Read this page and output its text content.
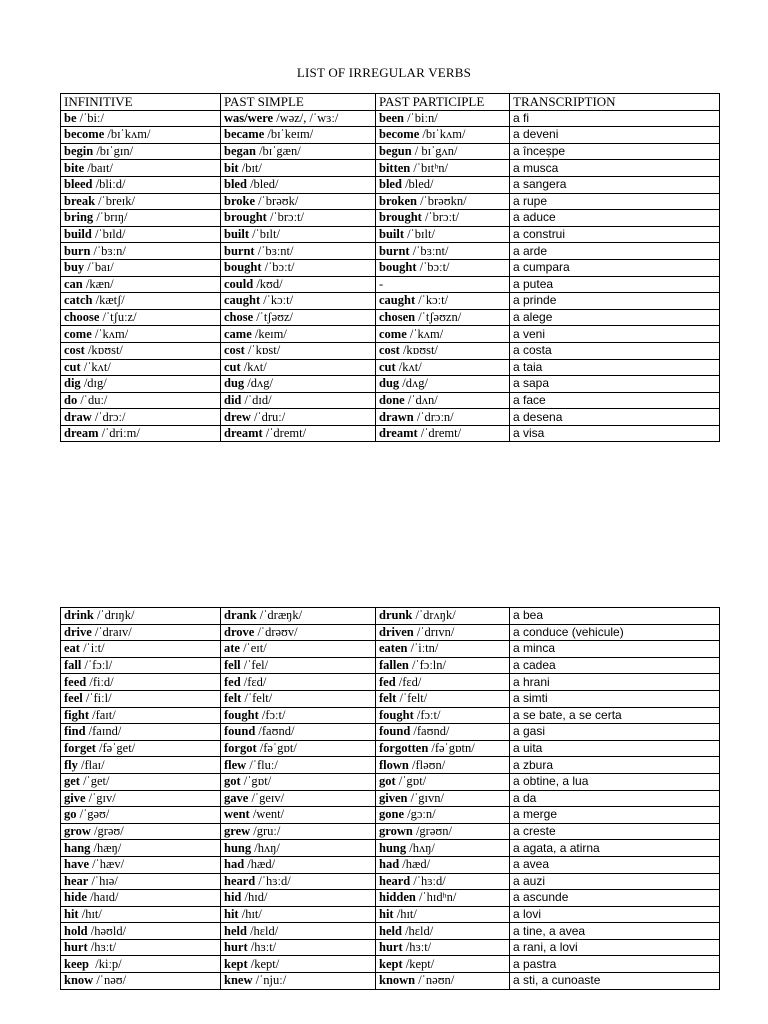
LIST OF IRREGULAR VERBS
INFINITIVE	PAST SIMPLE	PAST PARTICIPLE	TRANSCRIPTION
be /ˈbiː/	was/were /wəz/, /ˈwɜː/	been /ˈbiːn/	a fi
become /bɪˈkʌm/	became /bɪˈkeɪm/	become /bɪˈkʌm/	a deveni
begin /bɪˈgɪn/	began /bɪˈgæn/	begun / bɪˈgʌn/	a înceșpe
bite /baɪt/	bit /bɪt/	bitten /ˈbɪtʰn/	a musca
bleed /bliːd/	bled /bled/	bled /bled/	a sangera
break /ˈbreɪk/	broke /ˈbrəʊk/	broken /ˈbrəʊkn/	a rupe
bring /ˈbrɪŋ/	brought /ˈbrɔːt/	brought /ˈbrɔːt/	a aduce
build /ˈbɪld/	built /ˈbɪlt/	built /ˈbɪlt/	a construi
burn /ˈbɜːn/	burnt /ˈbɜːnt/	burnt /ˈbɜːnt/	a arde
buy /ˈbaɪ/	bought /ˈbɔːt/	bought /ˈbɔːt/	a cumpara
can /kæn/	could /kʊd/	-	a putea
catch /kætʃ/	caught /ˈkɔːt/	caught /ˈkɔːt/	a prinde
choose /ˈtʃuːz/	chose /ˈtʃəʊz/	chosen /ˈtʃəʊzn/	a alege
come /ˈkʌm/	came /keɪm/	come /ˈkʌm/	a veni
cost /kɒʊst/	cost /ˈkɒst/	cost /kɒʊst/	a costa
cut /ˈkʌt/	cut /kʌt/	cut /kʌt/	a taia
dig /dɪg/	dug /dʌg/	dug /dʌg/	a sapa
do /ˈduː/	did /ˈdɪd/	done /ˈdʌn/	a face
draw /ˈdrɔː/	drew /ˈdruː/	drawn /ˈdrɔːn/	a desena
dream /ˈdriːm/	dreamt /ˈdremt/	dreamt /ˈdremt/	a visa
drink /ˈdrɪŋk/	drank /ˈdræŋk/	drunk /ˈdrʌŋk/	a bea
drive /ˈdraɪv/	drove /ˈdrəʊv/	driven /ˈdrɪvn/	a conduce (vehicule)
eat /ˈiːt/	ate /ˈeɪt/	eaten /ˈiːtn/	a minca
fall /ˈfɔːl/	fell /ˈfel/	fallen /ˈfɔːln/	a cadea
feed /fiːd/	fed /fɛd/	fed /fɛd/	a hrani
feel /ˈfiːl/	felt /ˈfelt/	felt /ˈfelt/	a simti
fight /faɪt/	fought /fɔːt/	fought /fɔːt/	a se bate, a se certa
find /faɪnd/	found /faʊnd/	found /faʊnd/	a gasi
forget /fəˈget/	forgot /fəˈgɒt/	forgotten /fəˈgɒtn/	a uita
fly /flaɪ/	flew /ˈfluː/	flown /fləʊn/	a zbura
get /ˈget/	got /ˈgɒt/	got /ˈgɒt/	a obtine, a lua
give /ˈgɪv/	gave /ˈgeɪv/	given /ˈgɪvn/	a da
go /ˈgəʊ/	went /went/	gone /gɔːn/	a merge
grow /grəʊ/	grew /gruː/	grown /grəʊn/	a creste
hang /hæŋ/	hung /hʌŋ/	hung /hʌŋ/	a agata, a atirna
have /ˈhæv/	had /hæd/	had /hæd/	a avea
hear /ˈhɪə/	heard /ˈhɜːd/	heard /ˈhɜːd/	a auzi
hide /haɪd/	hid /hɪd/	hidden /ˈhɪdʰn/	a ascunde
hit /hɪt/	hit /hɪt/	hit /hɪt/	a lovi
hold /həʊld/	held /hɛld/	held /hɛld/	a tine, a avea
hurt /hɜːt/	hurt /hɜːt/	hurt /hɜːt/	a rani, a lovi
keep  /kiːp/	kept /kept/	kept /kept/	a pastra
know /ˈnəʊ/	knew /ˈnjuː/	known /ˈnəʊn/	a sti, a cunoaste
